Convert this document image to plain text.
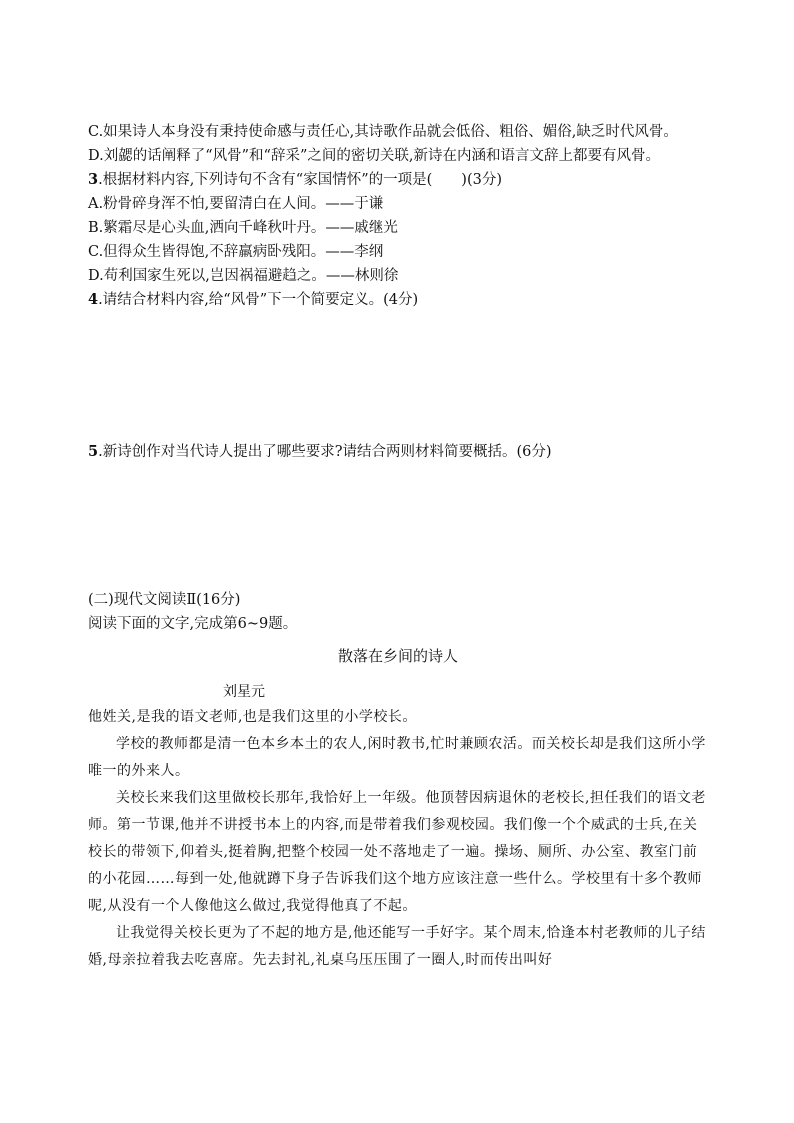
C.如果诗人本身没有秉持使命感与责任心,其诗歌作品就会低俗、粗俗、媚俗,缺乏时代风骨。

D.刘勰的话阐释了“风骨”和“辞采”之间的密切关联,新诗在内涵和语言文辞上都要有风骨。

3.根据材料内容,下列诗句不含有“家国情怀”的一项是(　　)(3分)

A.粉骨碎身浑不怕,要留清白在人间。——于谦

B.繁霜尽是心头血,洒向千峰秋叶丹。——戚继光

C.但得众生皆得饱,不辞羸病卧残阳。——李纲

D.苟利国家生死以,岂因祸福避趋之。——林则徐

4.请结合材料内容,给“风骨”下一个简要定义。(4分)

5.新诗创作对当代诗人提出了哪些要求?请结合两则材料简要概括。(6分)

(二)现代文阅读Ⅱ(16分)

阅读下面的文字,完成第6~9题。

散落在乡间的诗人
刘星元

他姓关,是我的语文老师,也是我们这里的小学校长。

学校的教师都是清一色本乡本土的农人,闲时教书,忙时兼顾农活。而关校长却是我们这所小学唯一的外来人。

关校长来我们这里做校长那年,我恰好上一年级。他顶替因病退休的老校长,担任我们的语文老师。第一节课,他并不讲授书本上的内容,而是带着我们参观校园。我们像一个个威武的士兵,在关校长的带领下,仰着头,挺着胸,把整个校园一处不落地走了一遍。操场、厕所、办公室、教室门前的小花园……每到一处,他就蹲下身子告诉我们这个地方应该注意一些什么。学校里有十多个教师呢,从没有一个人像他这么做过,我觉得他真了不起。

让我觉得关校长更为了不起的地方是,他还能写一手好字。某个周末,恰逢本村老教师的儿子结婚,母亲拉着我去吃喜席。先去封礼,礼桌乌压压围了一圈人,时而传出叫好
